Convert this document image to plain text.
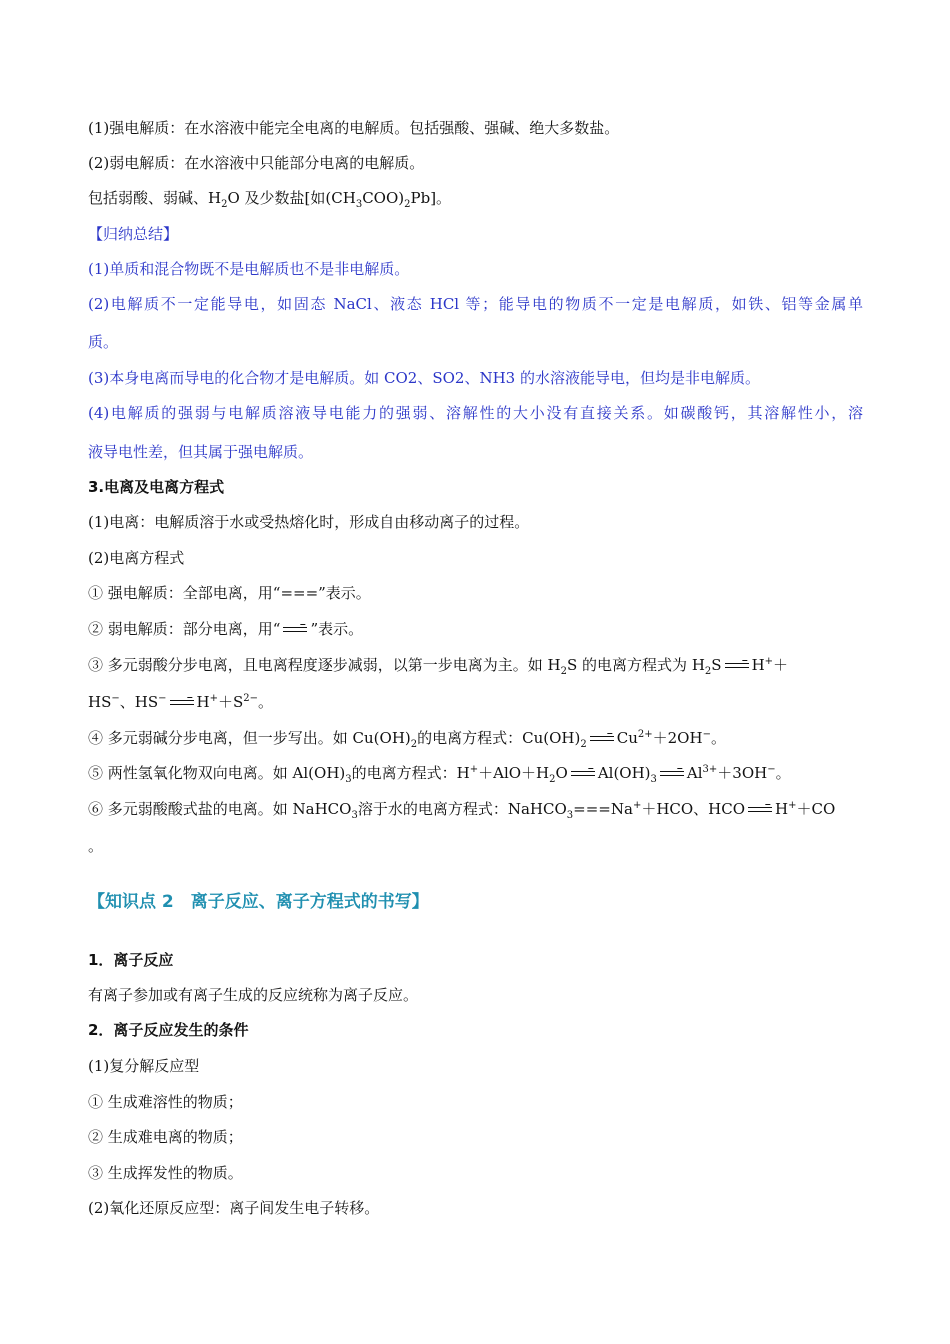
(1)强电解质：在水溶液中能完全电离的电解质。包括强酸、强碱、绝大多数盐。
(2)弱电解质：在水溶液中只能部分电离的电解质。
包括弱酸、弱碱、$H_2O$ 及少数盐[如$(CH_3COO)_2Pb$]。
【归纳总结】
(1)单质和混合物既不是电解质也不是非电解质。
(2)电解质不一定能导电，如固态 NaCl、液态 HCl 等；能导电的物质不一定是电解质，如铁、铝等金属单
质。
(3)本身电离而导电的化合物才是电解质。如 CO2、SO2、NH3 的水溶液能导电，但均是非电解质。
(4)电解质的强弱与电解质溶液导电能力的强弱、溶解性的大小没有直接关系。如碳酸钙，其溶解性小，溶
液导电性差，但其属于强电解质。
3.电离及电离方程式
(1)电离：电解质溶于水或受热熔化时，形成自由移动离子的过程。
(2)电离方程式
① 强电解质：全部电离，用“===”表示。
② 弱电解质：部分电离，用“ → ”表示。
③ 多元弱酸分步电离，且电离程度逐步减弱，以第一步电离为主。如 $H_2S$ 的电离方程式为 $H_2S \to H^++$
HS−、$HS^- \to H^++S^{2-}$。
④ 多元弱碱分步电离，但一步写出。如 $Cu(OH)_2$的电离方程式：$Cu(OH)_2 \to Cu^{2+}+2OH^-$。
⑤ 两性氢氧化物双向电离。如 $Al(OH)_3$的电离方程式：$H^++AlO+H_2O \to Al(OH)_3 \to Al^{3+}+3OH^-$。
⑥ 多元弱酸酸式盐的电离。如 NaHCO$_3$溶于水的电离方程式：NaHCO$_3$===Na+＋HCO、HCO → H+＋CO
。
【知识点 2　离子反应、离子方程式的书写】
1．离子反应
有离子参加或有离子生成的反应统称为离子反应。
2．离子反应发生的条件
(1)复分解反应型
① 生成难溶性的物质；
② 生成难电离的物质；
③ 生成挥发性的物质。
(2)氧化还原反应型：离子间发生电子转移。
